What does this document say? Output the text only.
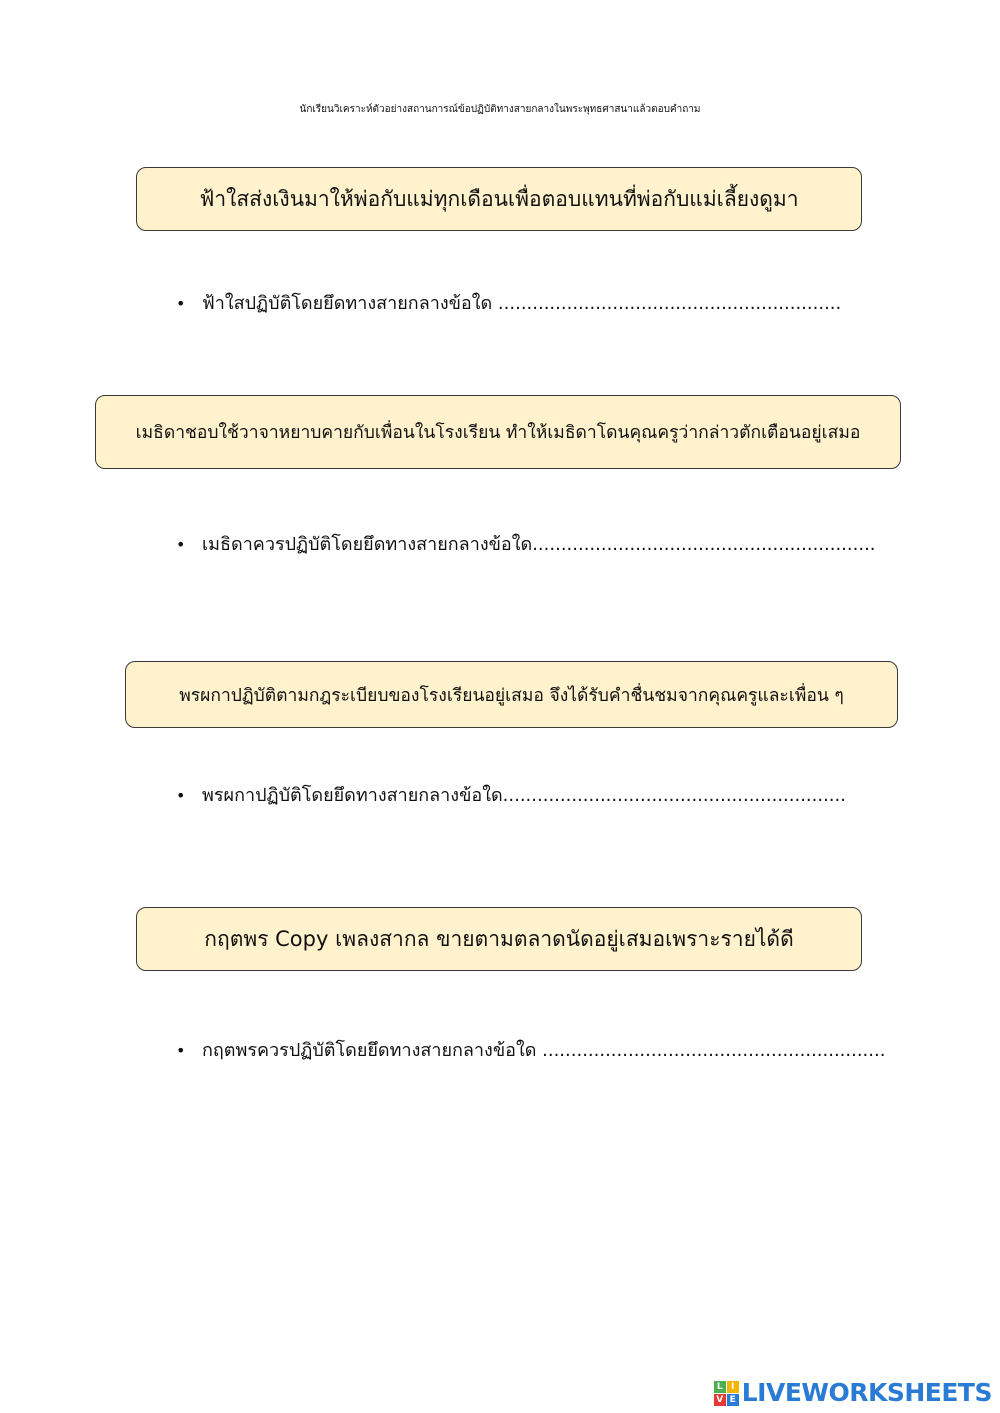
นักเรียนวิเคราะห์ตัวอย่างสถานการณ์ข้อปฏิบัติทางสายกลางในพระพุทธศาสนาแล้วตอบคำถาม
ฟ้าใสส่งเงินมาให้พ่อกับแม่ทุกเดือนเพื่อตอบแทนที่พ่อกับแม่เลี้ยงดูมา
• ฟ้าใสปฏิบัติโดยยึดทางสายกลางข้อใด ............................................................
เมธิดาชอบใช้วาจาหยาบคายกับเพื่อนในโรงเรียน ทำให้เมธิดาโดนคุณครูว่ากล่าวตักเตือนอยู่เสมอ
• เมธิดาควรปฏิบัติโดยยึดทางสายกลางข้อใด............................................................
พรผกาปฏิบัติตามกฎระเบียบของโรงเรียนอยู่เสมอ จึงได้รับคำชื่นชมจากคุณครูและเพื่อน ๆ
• พรผกาปฏิบัติโดยยึดทางสายกลางข้อใด............................................................
กฤตพร Copy เพลงสากล ขายตามตลาดนัดอยู่เสมอเพราะรายได้ดี
• กฤตพรควรปฏิบัติโดยยึดทางสายกลางข้อใด ............................................................
L I
V E LIVEWORKSHEETS
